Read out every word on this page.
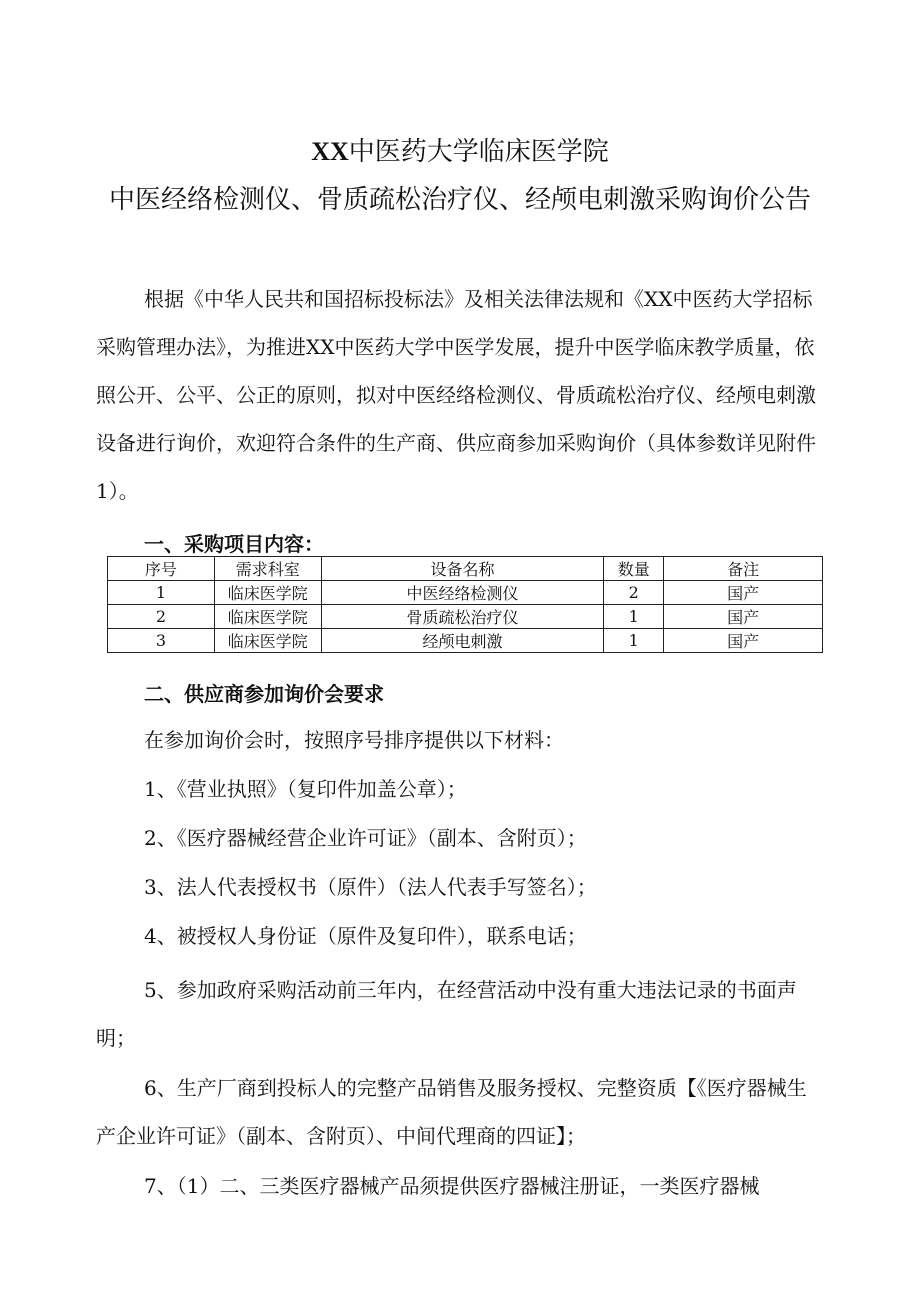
XX中医药大学临床医学院
中医经络检测仪、骨质疏松治疗仪、经颅电刺激采购询价公告
根据《中华人民共和国招标投标法》及相关法律法规和《XX中医药大学招标采购管理办法》，为推进XX中医药大学中医学发展，提升中医学临床教学质量，依照公开、公平、公正的原则，拟对中医经络检测仪、骨质疏松治疗仪、经颅电刺激设备进行询价，欢迎符合条件的生产商、供应商参加采购询价（具体参数详见附件1）。
一、采购项目内容：
序号	需求科室	设备名称	数量	备注
1	临床医学院	中医经络检测仪	2	国产
2	临床医学院	骨质疏松治疗仪	1	国产
3	临床医学院	经颅电刺激	1	国产
二、供应商参加询价会要求
在参加询价会时，按照序号排序提供以下材料：
1、《营业执照》（复印件加盖公章）；
2、《医疗器械经营企业许可证》（副本、含附页）；
3、法人代表授权书（原件）（法人代表手写签名）；
4、被授权人身份证（原件及复印件），联系电话；
5、参加政府采购活动前三年内，在经营活动中没有重大违法记录的书面声明；
6、生产厂商到投标人的完整产品销售及服务授权、完整资质【《医疗器械生产企业许可证》（副本、含附页）、中间代理商的四证】；
7、（1）二、三类医疗器械产品须提供医疗器械注册证，一类医疗器械
